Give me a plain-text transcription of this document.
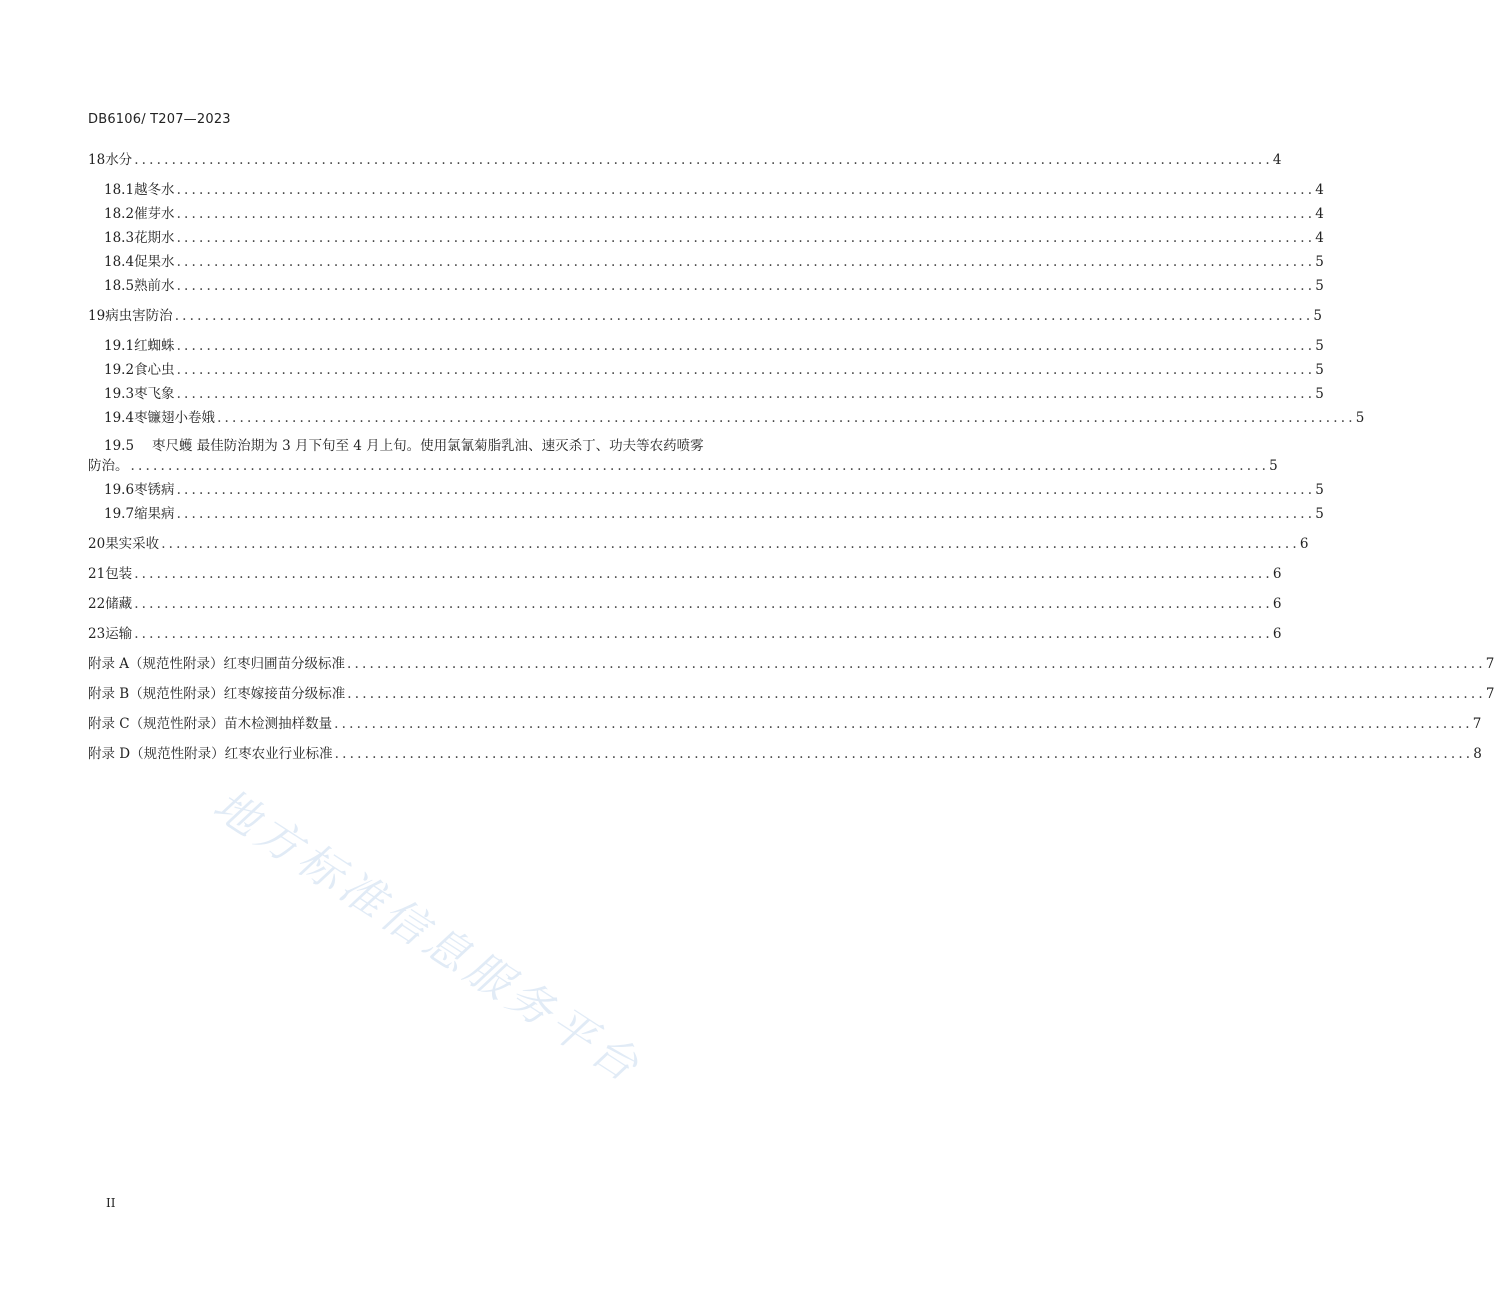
DB6106/ T207—2023
18 水分 ........................................................................................................................................................ 4
18.1 越冬水 ........................................................................................................................................................ 4
18.2 催芽水 ........................................................................................................................................................ 4
18.3 花期水 ........................................................................................................................................................ 4
18.4 促果水 ........................................................................................................................................................ 5
18.5 熟前水 ........................................................................................................................................................ 5
19 病虫害防治 ........................................................................................................................................................ 5
19.1 红蜘蛛 ........................................................................................................................................................ 5
19.2 食心虫 ........................................................................................................................................................ 5
19.3 枣飞象 ........................................................................................................................................................ 5
19.4 枣镰翅小卷娥 ........................................................................................................................................................ 5
19.5 枣尺蠖 最佳防治期为 3 月下旬至 4 月上旬。使用氯氰菊脂乳油、速灭杀丁、功夫等农药喷雾
防治。 ........................................................................................................................................................ 5
19.6 枣锈病 ........................................................................................................................................................ 5
19.7 缩果病 ........................................................................................................................................................ 5
20 果实采收 ........................................................................................................................................................ 6
21 包装 ........................................................................................................................................................ 6
22 储藏 ........................................................................................................................................................ 6
23 运输 ........................................................................................................................................................ 6
附录 A（规范性附录） 红枣归圃苗分级标准 ........................................................................................................................................................ 7
附录 B（规范性附录） 红枣嫁接苗分级标准 ........................................................................................................................................................ 7
附录 C（规范性附录） 苗木检测抽样数量 ........................................................................................................................................................ 7
附录 D（规范性附录） 红枣农业行业标准 ........................................................................................................................................................ 8
地方标准信息服务平台
II
